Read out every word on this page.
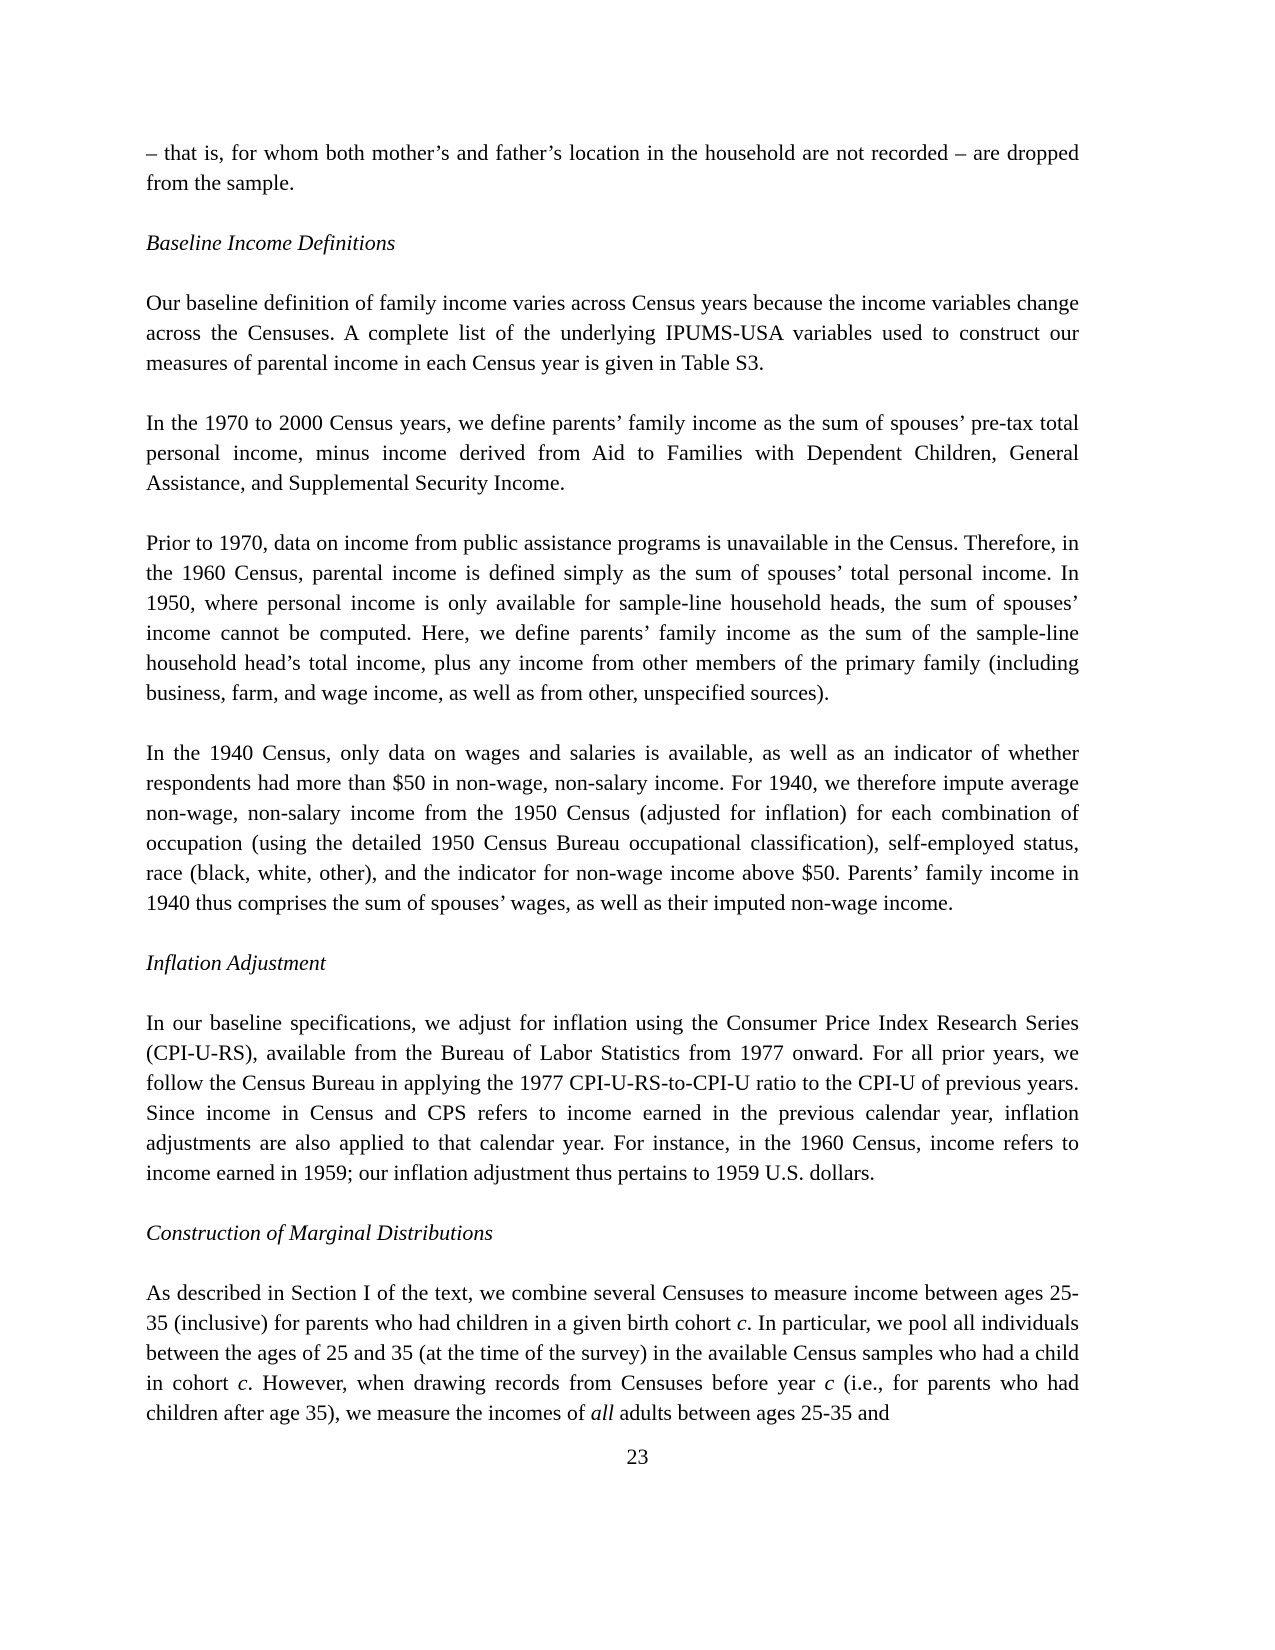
– that is, for whom both mother’s and father’s location in the household are not recorded – are dropped from the sample.

Baseline Income Definitions

Our baseline definition of family income varies across Census years because the income variables change across the Censuses. A complete list of the underlying IPUMS-USA variables used to construct our measures of parental income in each Census year is given in Table S3.

In the 1970 to 2000 Census years, we define parents’ family income as the sum of spouses’ pre-tax total personal income, minus income derived from Aid to Families with Dependent Children, General Assistance, and Supplemental Security Income.

Prior to 1970, data on income from public assistance programs is unavailable in the Census. Therefore, in the 1960 Census, parental income is defined simply as the sum of spouses’ total personal income. In 1950, where personal income is only available for sample-line household heads, the sum of spouses’ income cannot be computed. Here, we define parents’ family income as the sum of the sample-line household head’s total income, plus any income from other members of the primary family (including business, farm, and wage income, as well as from other, unspecified sources).

In the 1940 Census, only data on wages and salaries is available, as well as an indicator of whether respondents had more than $50 in non-wage, non-salary income. For 1940, we therefore impute average non-wage, non-salary income from the 1950 Census (adjusted for inflation) for each combination of occupation (using the detailed 1950 Census Bureau occupational classification), self-employed status, race (black, white, other), and the indicator for non-wage income above $50. Parents’ family income in 1940 thus comprises the sum of spouses’ wages, as well as their imputed non-wage income.

Inflation Adjustment

In our baseline specifications, we adjust for inflation using the Consumer Price Index Research Series (CPI-U-RS), available from the Bureau of Labor Statistics from 1977 onward. For all prior years, we follow the Census Bureau in applying the 1977 CPI-U-RS-to-CPI-U ratio to the CPI-U of previous years. Since income in Census and CPS refers to income earned in the previous calendar year, inflation adjustments are also applied to that calendar year. For instance, in the 1960 Census, income refers to income earned in 1959; our inflation adjustment thus pertains to 1959 U.S. dollars.

Construction of Marginal Distributions

As described in Section I of the text, we combine several Censuses to measure income between ages 25-35 (inclusive) for parents who had children in a given birth cohort c. In particular, we pool all individuals between the ages of 25 and 35 (at the time of the survey) in the available Census samples who had a child in cohort c. However, when drawing records from Censuses before year c (i.e., for parents who had children after age 35), we measure the incomes of all adults between ages 25-35 and

23
